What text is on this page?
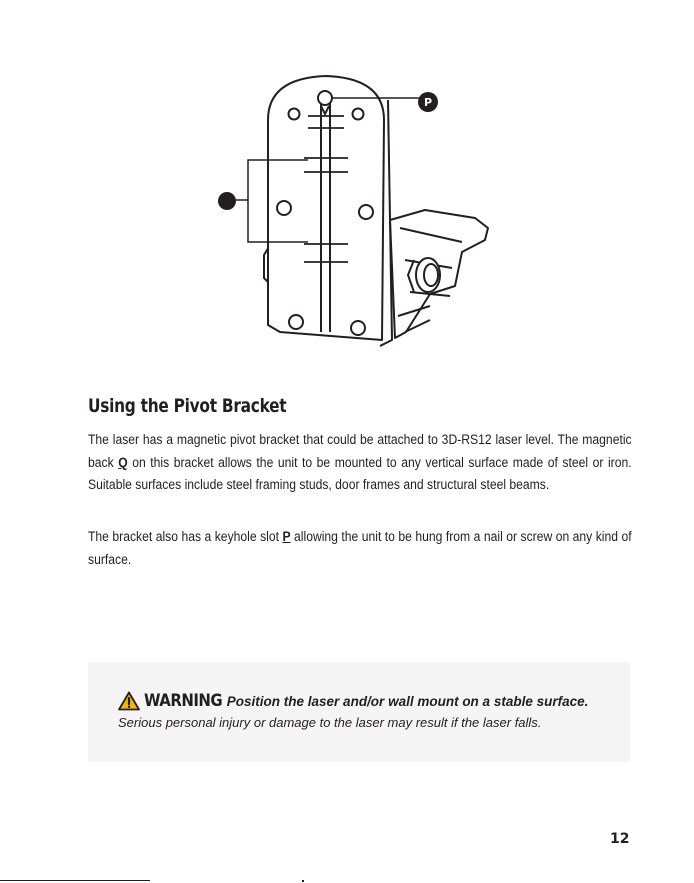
P
Using the Pivot Bracket

The laser has a magnetic pivot bracket that could be attached to 3D-RS12 laser level. The magnetic back Q on this bracket allows the unit to be mounted to any vertical surface made of steel or iron. Suitable surfaces include steel framing studs, door frames and structural steel beams.

The bracket also has a keyhole slot P allowing the unit to be hung from a nail or screw on any kind of surface.

WARNING Position the laser and/or wall mount on a stable surface.
Serious personal injury or damage to the laser may result if the laser falls.
12
